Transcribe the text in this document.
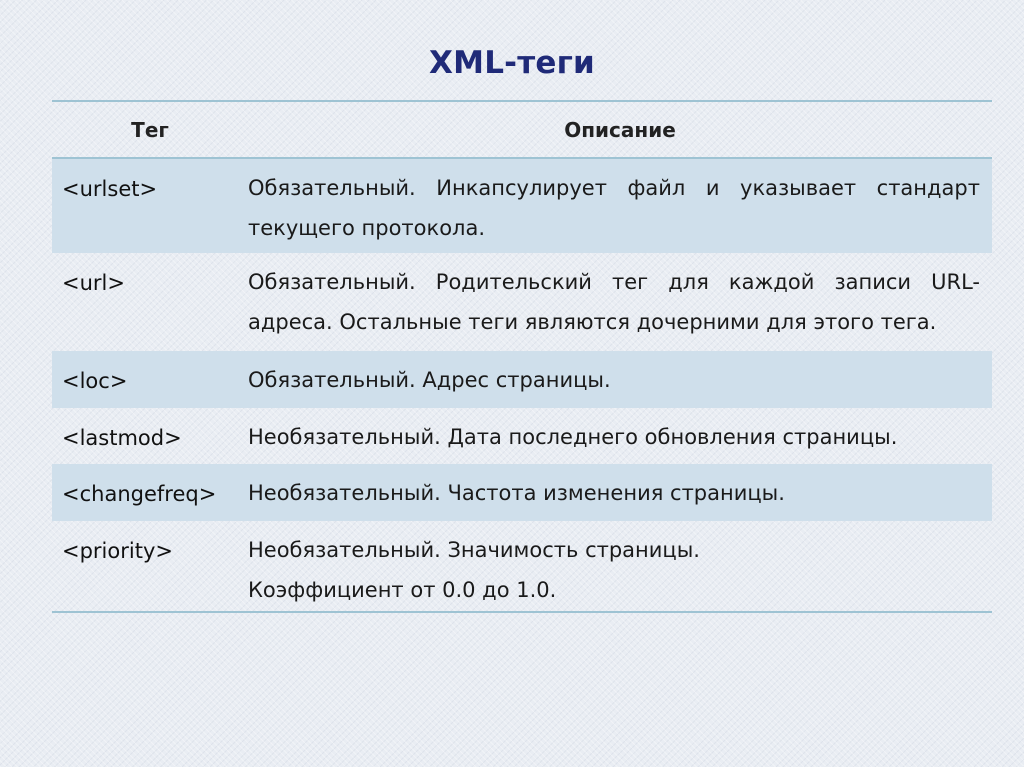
XML-теги
Тег	Описание
<urlset>	Обязательный. Инкапсулирует файл и указывает стандарт
текущего протокола.
<url>	Обязательный. Родительский тег для каждой записи URL-
адреса. Остальные теги являются дочерними для этого тега.
<loc>	Обязательный. Адрес страницы.
<lastmod>	Необязательный. Дата последнего обновления страницы.
<changefreq>	Необязательный. Частота изменения страницы.
<priority>	Необязательный. Значимость страницы.
Коэффициент от 0.0 до 1.0.
